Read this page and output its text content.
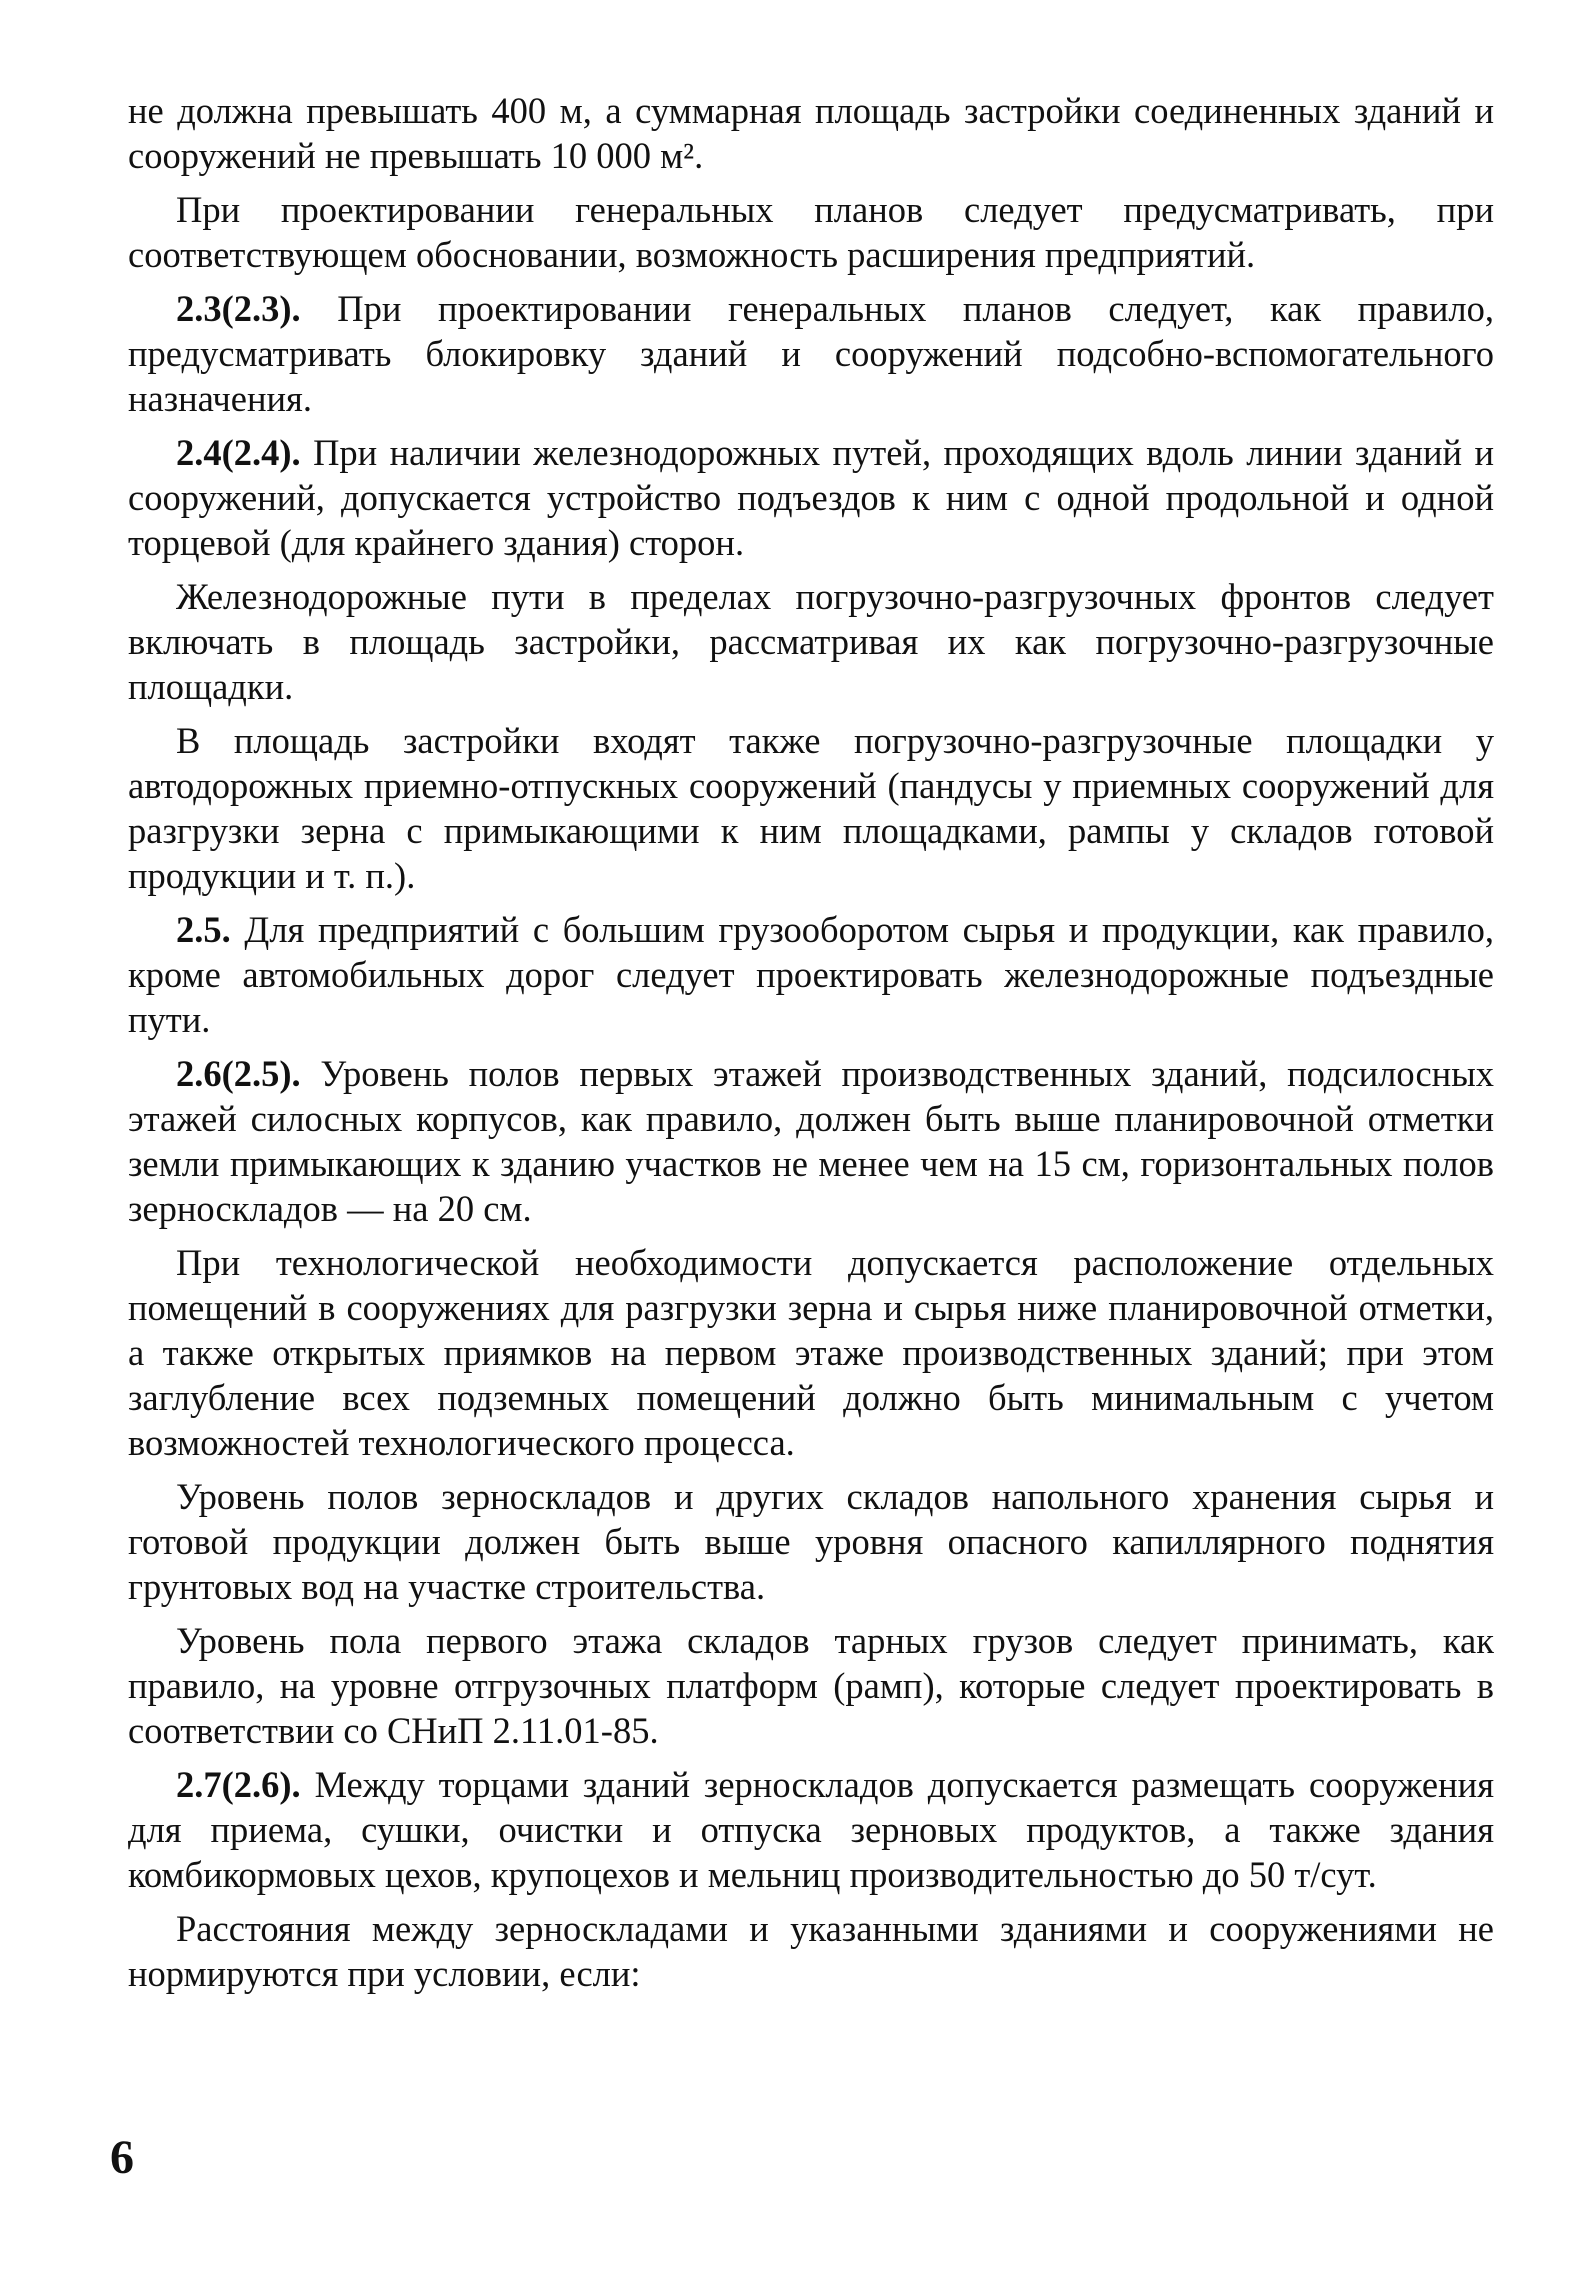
не должна превышать 400 м, а суммарная площадь застройки соединенных зданий и сооружений не превышать 10 000 м².

При проектировании генеральных планов следует предусматривать, при соответствующем обосновании, возможность расширения предприятий.

2.3(2.3). При проектировании генеральных планов следует, как правило, предусматривать блокировку зданий и сооружений подсобно-вспомогательного назначения.

2.4(2.4). При наличии железнодорожных путей, проходящих вдоль линии зданий и сооружений, допускается устройство подъездов к ним с одной продольной и одной торцевой (для крайнего здания) сторон.

Железнодорожные пути в пределах погрузочно-разгрузочных фронтов следует включать в площадь застройки, рассматривая их как погрузочно-разгрузочные площадки.

В площадь застройки входят также погрузочно-разгрузочные площадки у автодорожных приемно-отпускных сооружений (пандусы у приемных сооружений для разгрузки зерна с примыкающими к ним площадками, рампы у складов готовой продукции и т. п.).

2.5. Для предприятий с большим грузооборотом сырья и продукции, как правило, кроме автомобильных дорог следует проектировать железнодорожные подъездные пути.

2.6(2.5). Уровень полов первых этажей производственных зданий, подсилосных этажей силосных корпусов, как правило, должен быть выше планировочной отметки земли примыкающих к зданию участков не менее чем на 15 см, горизонтальных полов зерноскладов — на 20 см.

При технологической необходимости допускается расположение отдельных помещений в сооружениях для разгрузки зерна и сырья ниже планировочной отметки, а также открытых приямков на первом этаже производственных зданий; при этом заглубление всех подземных помещений должно быть минимальным с учетом возможностей технологического процесса.

Уровень полов зерноскладов и других складов напольного хранения сырья и готовой продукции должен быть выше уровня опасного капиллярного поднятия грунтовых вод на участке строительства.

Уровень пола первого этажа складов тарных грузов следует принимать, как правило, на уровне отгрузочных платформ (рамп), которые следует проектировать в соответствии со СНиП 2.11.01-85.

2.7(2.6). Между торцами зданий зерноскладов допускается размещать сооружения для приема, сушки, очистки и отпуска зерновых продуктов, а также здания комбикормовых цехов, крупоцехов и мельниц производительностью до 50 т/сут.

Расстояния между зерноскладами и указанными зданиями и сооружениями не нормируются при условии, если:

6
